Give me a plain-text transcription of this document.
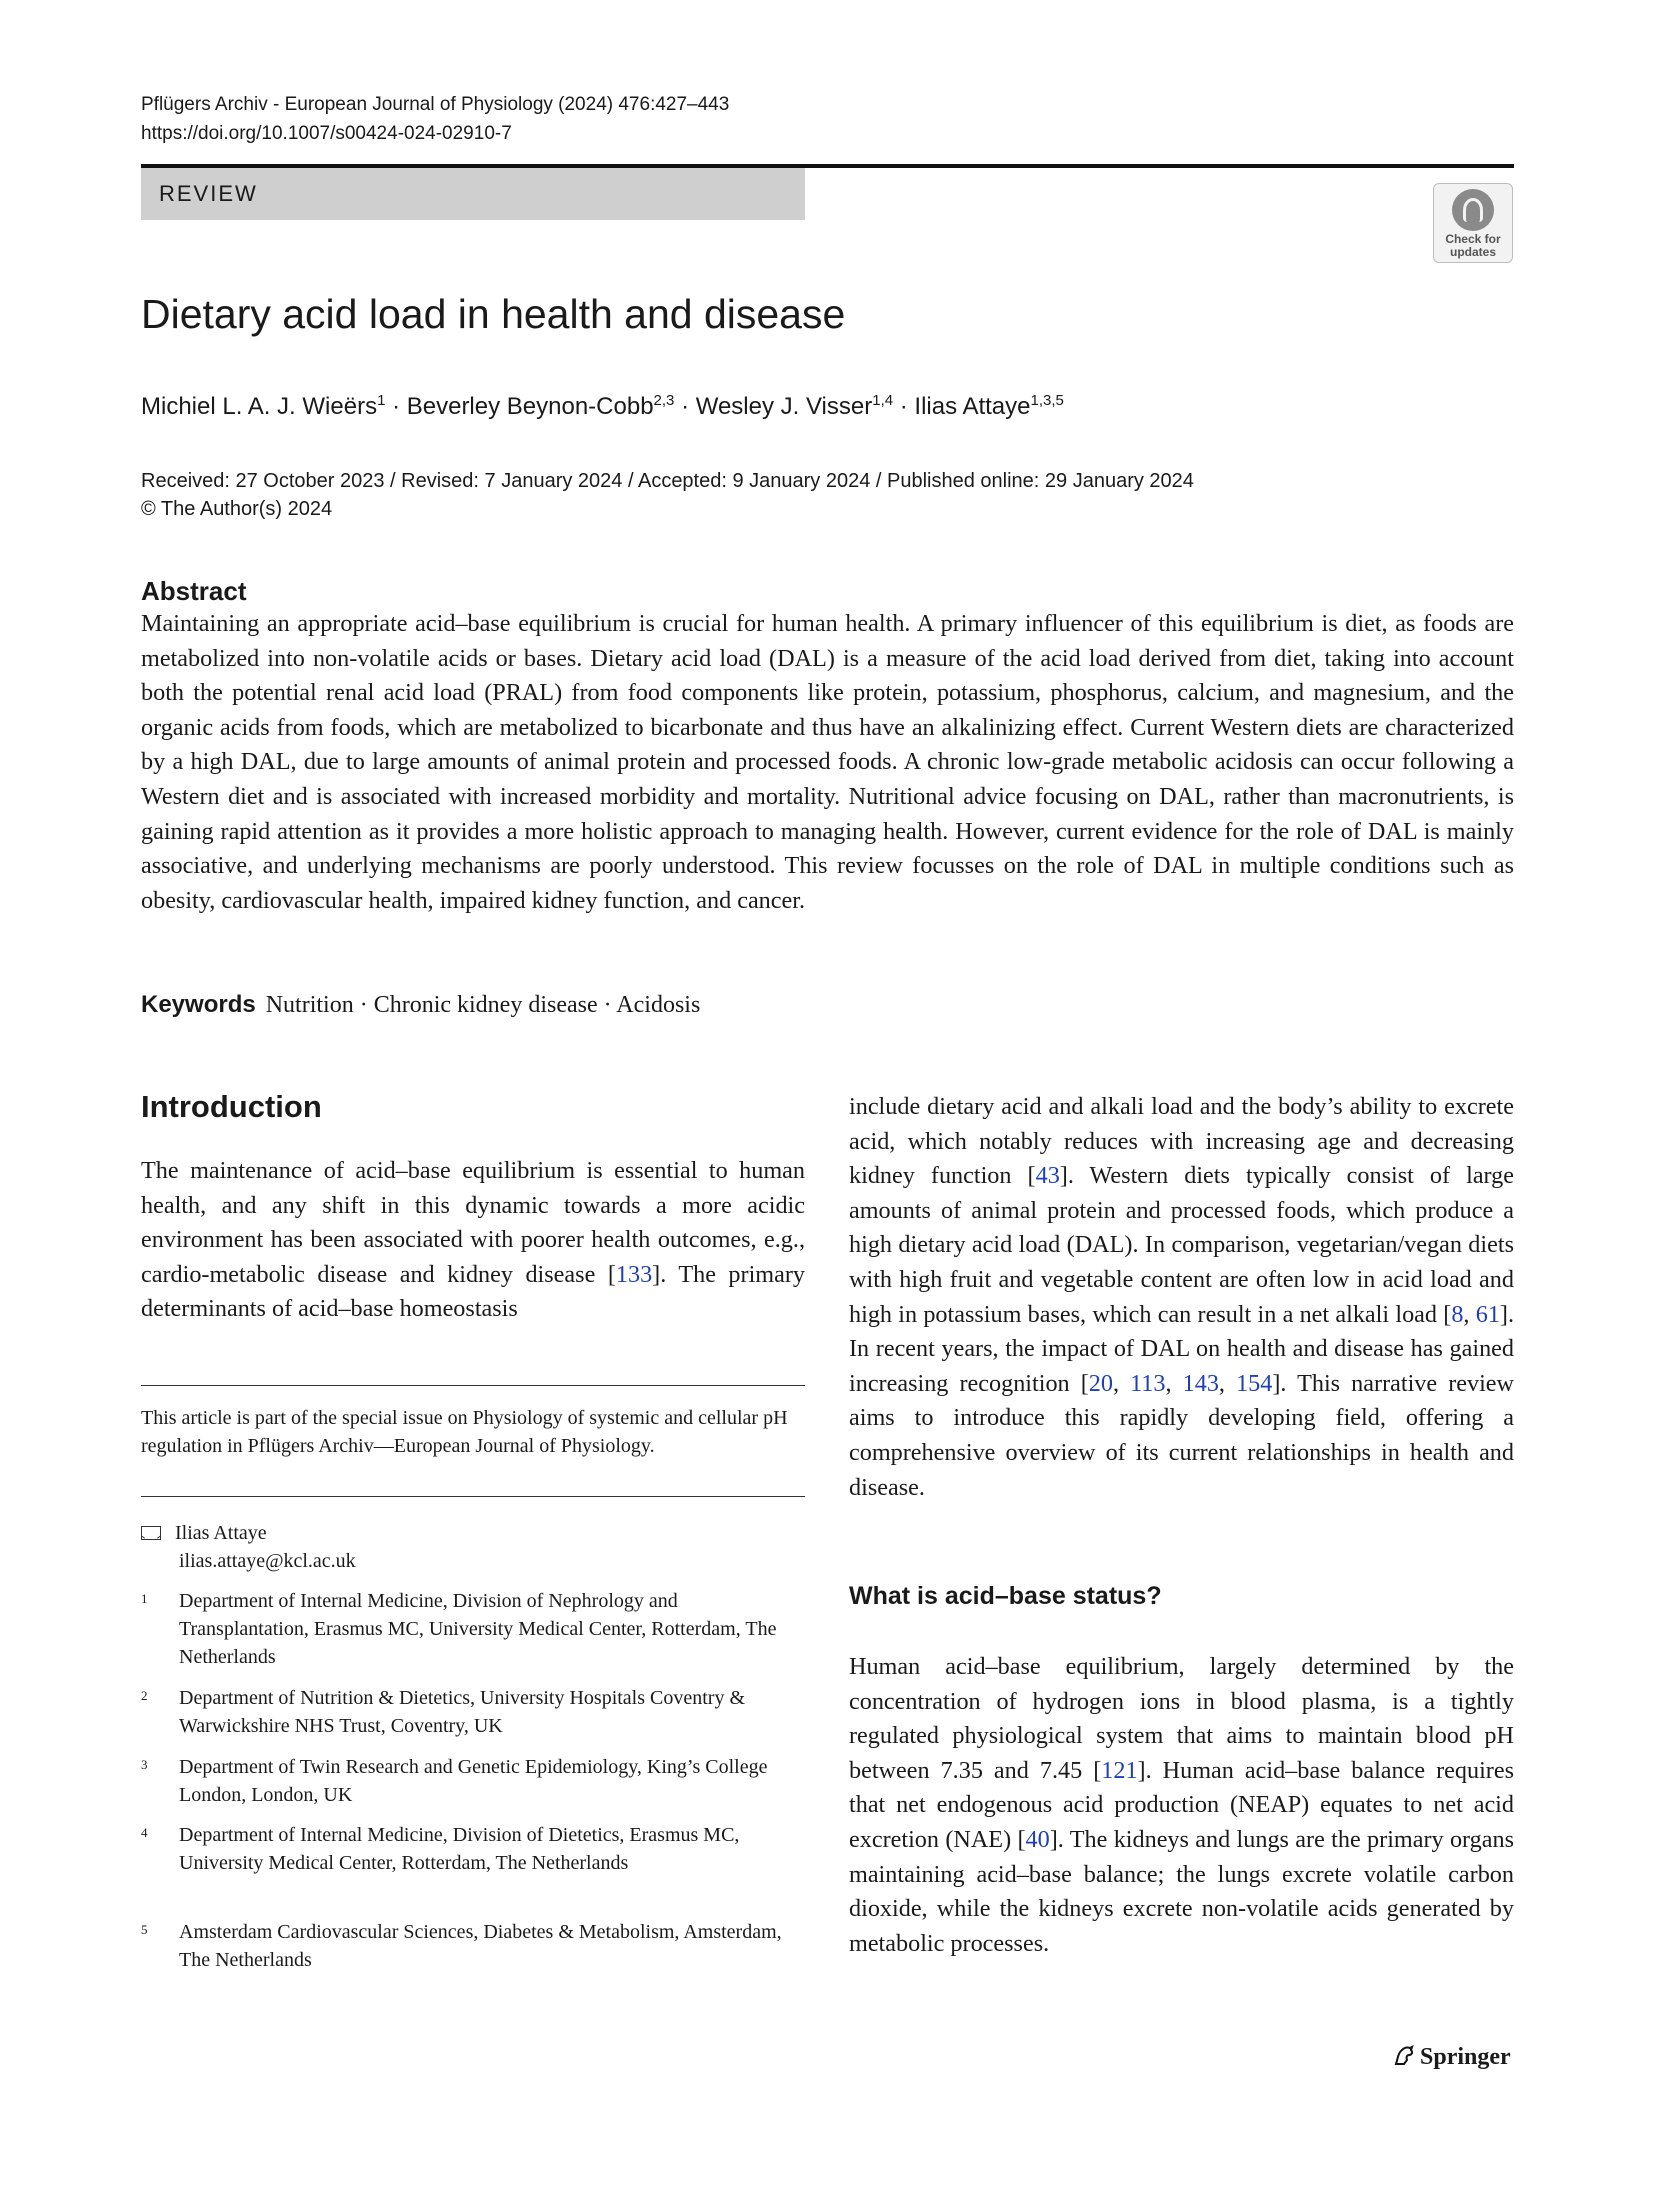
Pflügers Archiv - European Journal of Physiology (2024) 476:427–443
https://doi.org/10.1007/s00424-024-02910-7
REVIEW
Check for updates
Dietary acid load in health and disease
Michiel L. A. J. Wieërs$^1$ · Beverley Beynon-Cobb$^{2,3}$ · Wesley J. Visser$^{1,4}$ · Ilias Attaye$^{1,3,5}$
Received: 27 October 2023 / Revised: 7 January 2024 / Accepted: 9 January 2024 / Published online: 29 January 2024
© The Author(s) 2024
Abstract

Maintaining an appropriate acid–base equilibrium is crucial for human health. A primary influencer of this equilibrium is diet, as foods are metabolized into non-volatile acids or bases. Dietary acid load (DAL) is a measure of the acid load derived from diet, taking into account both the potential renal acid load (PRAL) from food components like protein, potassium, phosphorus, calcium, and magnesium, and the organic acids from foods, which are metabolized to bicarbonate and thus have an alkalinizing effect. Current Western diets are characterized by a high DAL, due to large amounts of animal protein and processed foods. A chronic low-grade metabolic acidosis can occur following a Western diet and is associated with increased morbidity and mortality. Nutritional advice focusing on DAL, rather than macronutrients, is gaining rapid attention as it provides a more holistic approach to managing health. However, current evidence for the role of DAL is mainly associative, and underlying mechanisms are poorly understood. This review focusses on the role of DAL in multiple conditions such as obesity, cardiovascular health, impaired kidney function, and cancer.

Keywords Nutrition · Chronic kidney disease · Acidosis
Introduction

The maintenance of acid–base equilibrium is essential to human health, and any shift in this dynamic towards a more acidic environment has been associated with poorer health outcomes, e.g., cardio-metabolic disease and kidney disease [133]. The primary determinants of acid–base homeostasis

This article is part of the special issue on Physiology of systemic and cellular pH regulation in Pflügers Archiv—European Journal of Physiology.

Ilias Attaye
ilias.attaye@kcl.ac.uk
1 Department of Internal Medicine, Division of Nephrology and Transplantation, Erasmus MC, University Medical Center, Rotterdam, The Netherlands
2 Department of Nutrition & Dietetics, University Hospitals Coventry & Warwickshire NHS Trust, Coventry, UK
3 Department of Twin Research and Genetic Epidemiology, King’s College London, London, UK
4 Department of Internal Medicine, Division of Dietetics, Erasmus MC, University Medical Center, Rotterdam, The Netherlands
5 Amsterdam Cardiovascular Sciences, Diabetes & Metabolism, Amsterdam, The Netherlands

include dietary acid and alkali load and the body’s ability to excrete acid, which notably reduces with increasing age and decreasing kidney function [43]. Western diets typically consist of large amounts of animal protein and processed foods, which produce a high dietary acid load (DAL). In comparison, vegetarian/vegan diets with high fruit and vegetable content are often low in acid load and high in potassium bases, which can result in a net alkali load [8, 61]. In recent years, the impact of DAL on health and disease has gained increasing recognition [20, 113, 143, 154]. This narrative review aims to introduce this rapidly developing field, offering a comprehensive overview of its current relationships in health and disease.

What is acid–base status?

Human acid–base equilibrium, largely determined by the concentration of hydrogen ions in blood plasma, is a tightly regulated physiological system that aims to maintain blood pH between 7.35 and 7.45 [121]. Human acid–base balance requires that net endogenous acid production (NEAP) equates to net acid excretion (NAE) [40]. The kidneys and lungs are the primary organs maintaining acid–base balance; the lungs excrete volatile carbon dioxide, while the kidneys excrete non-volatile acids generated by metabolic processes.

Springer
